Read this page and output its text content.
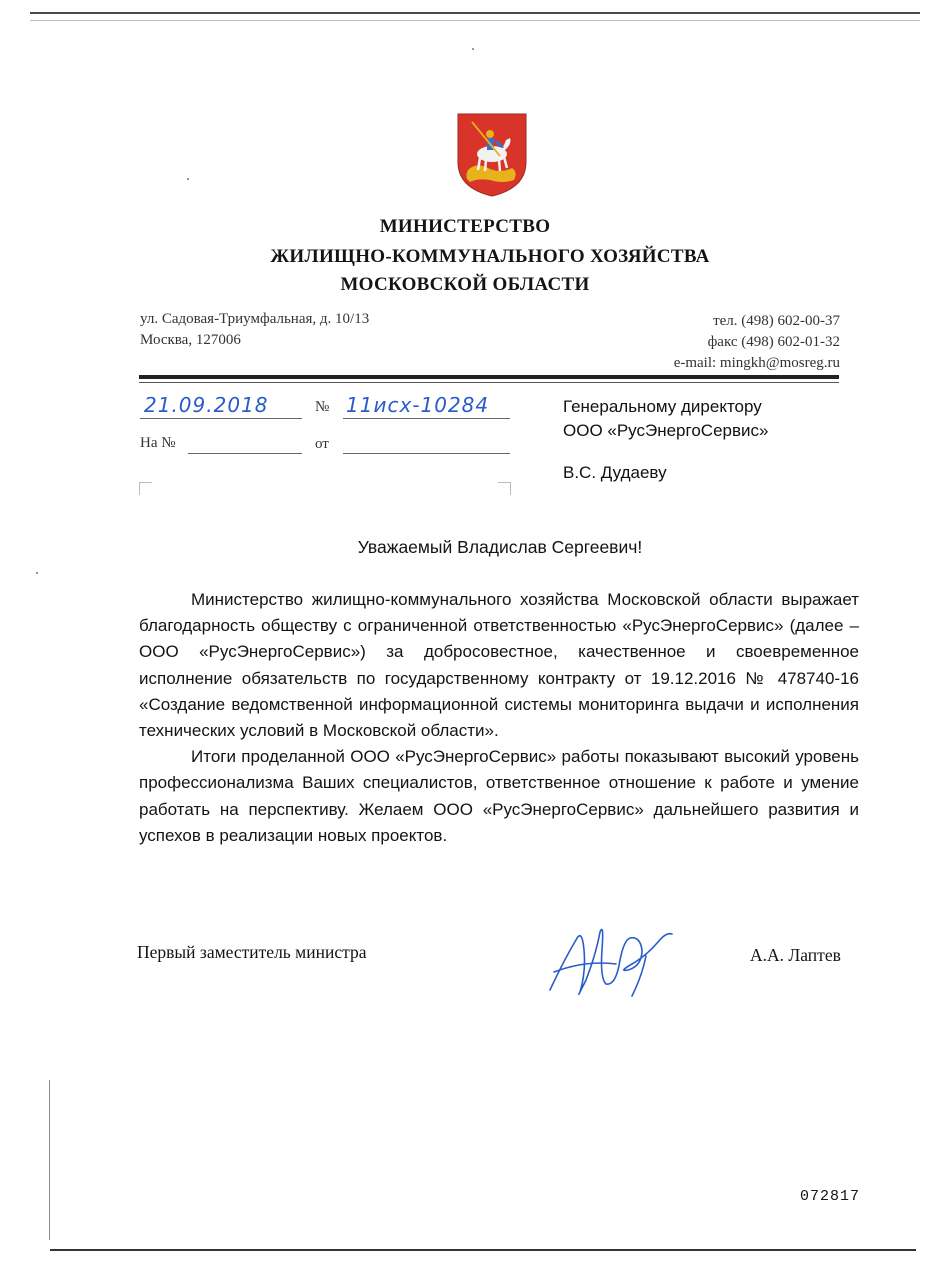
МИНИСТЕРСТВО
ЖИЛИЩНО-КОММУНАЛЬНОГО ХОЗЯЙСТВА
МОСКОВСКОЙ ОБЛАСТИ
ул. Садовая-Триумфальная, д. 10/13
Москва, 127006
тел. (498) 602-00-37
факс (498) 602-01-32
e-mail: mingkh@mosreg.ru
21.09.2018	№ 11исх-10284
На №	от
Генеральному директору
ООО «РусЭнергоСервис»
В.С. Дудаеву
Уважаемый Владислав Сергеевич!

Министерство жилищно-коммунального хозяйства Московской области выражает благодарность обществу с ограниченной ответственностью «РусЭнергоСервис» (далее – ООО «РусЭнергоСервис») за добросовестное, качественное и своевременное исполнение обязательств по государственному контракту от 19.12.2016 № 478740-16 «Создание ведомственной информационной системы мониторинга выдачи и исполнения технических условий в Московской области».

Итоги проделанной ООО «РусЭнергоСервис» работы показывают высокий уровень профессионализма Ваших специалистов, ответственное отношение к работе и умение работать на перспективу. Желаем ООО «РусЭнергоСервис» дальнейшего развития и успехов в реализации новых проектов.

Первый заместитель министра	А.А. Лаптев
072817
